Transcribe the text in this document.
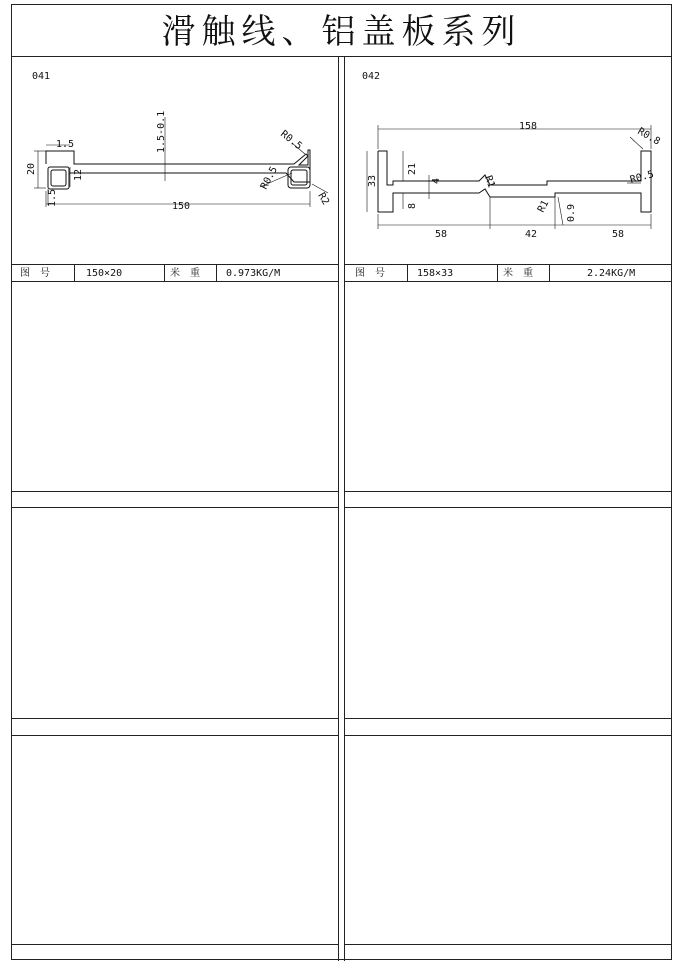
滑触线、铝盖板系列
041
1.5-0.1
1.5
20	12
1.5	150
R0.5
R0.5
R2
图　号	150×20	米　重	0.973KG/M
042
158	R0.8
33
21
4	R1	R0.5
8	R1 0.9
58	42	58
图　号	158×33	米　重	2.24KG/M
